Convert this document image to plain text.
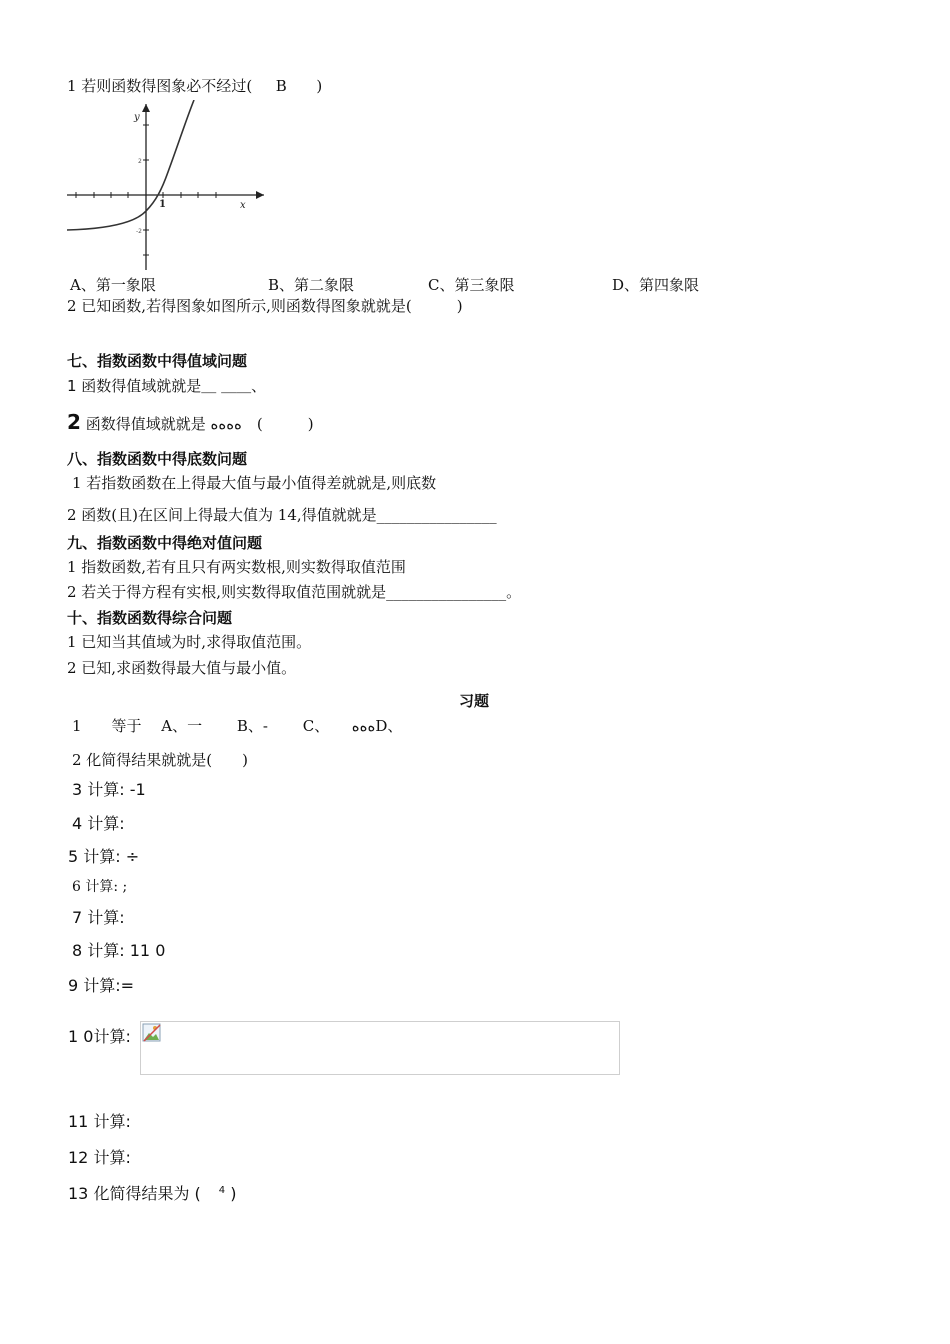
1 若则函数得图象必不经过( B )
y
x
1
2
-2
A、第一象限	B、第二象限	C、第三象限	D、第四象限
2 已知函数,若得图象如图所示,则函数得图象就就是(　　　)
七、指数函数中得值域问题
1 函数得值域就就是＿ ＿＿、
2 函数得值域就就是 ﻩﻩﻩﻩ　(　　　)
八、指数函数中得底数问题
1 若指数函数在上得最大值与最小值得差就就是,则底数
2 函数(且)在区间上得最大值为 14,得值就就是________________
九、指数函数中得绝对值问题
1 指数函数,若有且只有两实数根,则实数得取值范围
2 若关于得方程有实根,则实数得取值范围就就是________________。
十、指数函数得综合问题
1 已知当其值域为时,求得取值范围。
2 已知,求函数得最大值与最小值。
习题
1　　等于　 A、一　　 B、-　　 C、　　ﻩﻩﻩD、
2 化简得结果就就是(　　)
3 计算: -1
4 计算:
5 计算: ÷
6 计算: ;
7 计算:
8 计算: 11 0
9 计算:=
1 0计算:
11 计算:
12 计算:
13 化简得结果为 ( $^4$ )
